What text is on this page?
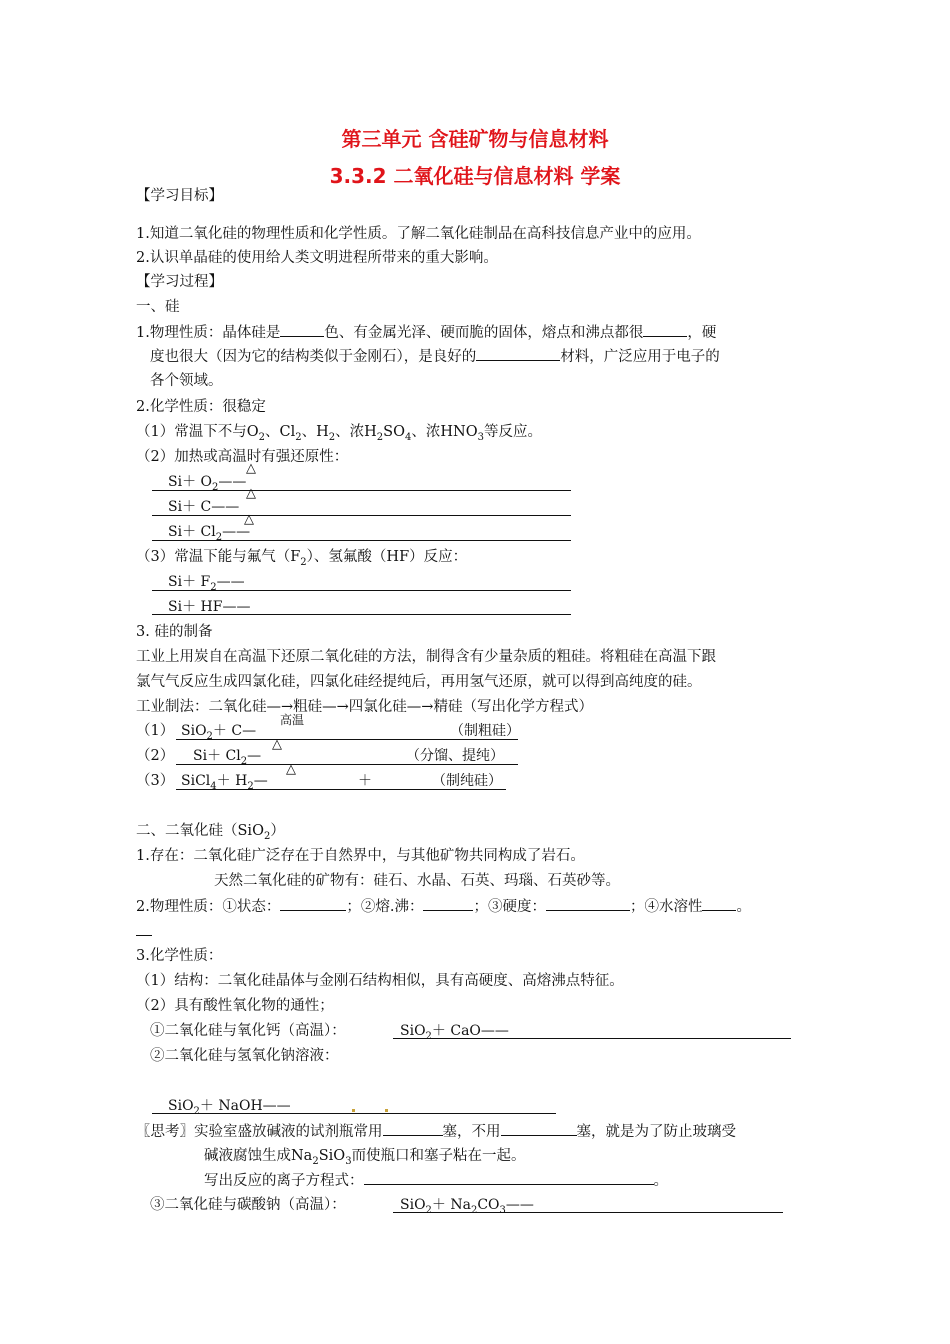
第三单元 含硅矿物与信息材料
3.3.2 二氧化硅与信息材料 学案
【学习目标】
1.知道二氧化硅的物理性质和化学性质。了解二氧化硅制品在高科技信息产业中的应用。
2.认识单晶硅的使用给人类文明进程所带来的重大影响。
【学习过程】
一、硅
1.物理性质：晶体硅是	色、有金属光泽、硬而脆的固体，熔点和沸点都很	，硬
度也很大（因为它的结构类似于金刚石），是良好的	材料，广泛应用于电子的
各个领域。
2.化学性质：很稳定
（1）常温下不与$O_2$、$Cl_2$、$H_2$、浓$H_2SO_4$、浓$HNO_3$等反应。
（2）加热或高温时有强还原性：
△
$Si+ O_2——$
△
Si＋ C——
△
$Si+ Cl_2——$
（3）常温下能与氟气$(F_2)$、氢氟酸（HF）反应：
$Si+ F_2——$
Si＋ HF——
3. 硅的制备
工业上用炭自在高温下还原二氧化硅的方法，制得含有少量杂质的粗硅。将粗硅在高温下跟
氯气气反应生成四氯化硅，四氯化硅经提纯后，再用氢气还原，就可以得到高纯度的硅。
工业制法：二氧化硅—→粗硅—→四氯化硅—→精硅（写出化学方程式）
高温
（1） SiO$_2$＋ C—	（制粗硅）
△
（2） $Si+ Cl_2—$	（分馏、提纯）
△
（3） SiCl$_4$＋ $H_2—$	＋	（制纯硅）
二、二氧化硅（SiO$_2$）
1.存在：二氧化硅广泛存在于自然界中，与其他矿物共同构成了岩石。
天然二氧化硅的矿物有：硅石、水晶、石英、玛瑙、石英砂等。
2.物理性质：①状态：	；②熔.沸：	；③硬度：	；④水溶性 。
3.化学性质：
（1）结构：二氧化硅晶体与金刚石结构相似，具有高硬度、高熔沸点特征。
（2）具有酸性氧化物的通性；
①二氧化硅与氧化钙（高温）：	SiO$_2$＋ CaO——
②二氧化硅与氢氧化钠溶液：
SiO$_2$＋ NaOH——
〖思考〗实验室盛放碱液的试剂瓶常用	塞，不用	塞，就是为了防止玻璃受
碱液腐蚀生成$Na_2SiO_3$而使瓶口和塞子粘在一起。
写出反应的离子方程式：	。
③二氧化硅与碳酸钠（高温）：	$SiO_2+ Na_2CO_3——$
